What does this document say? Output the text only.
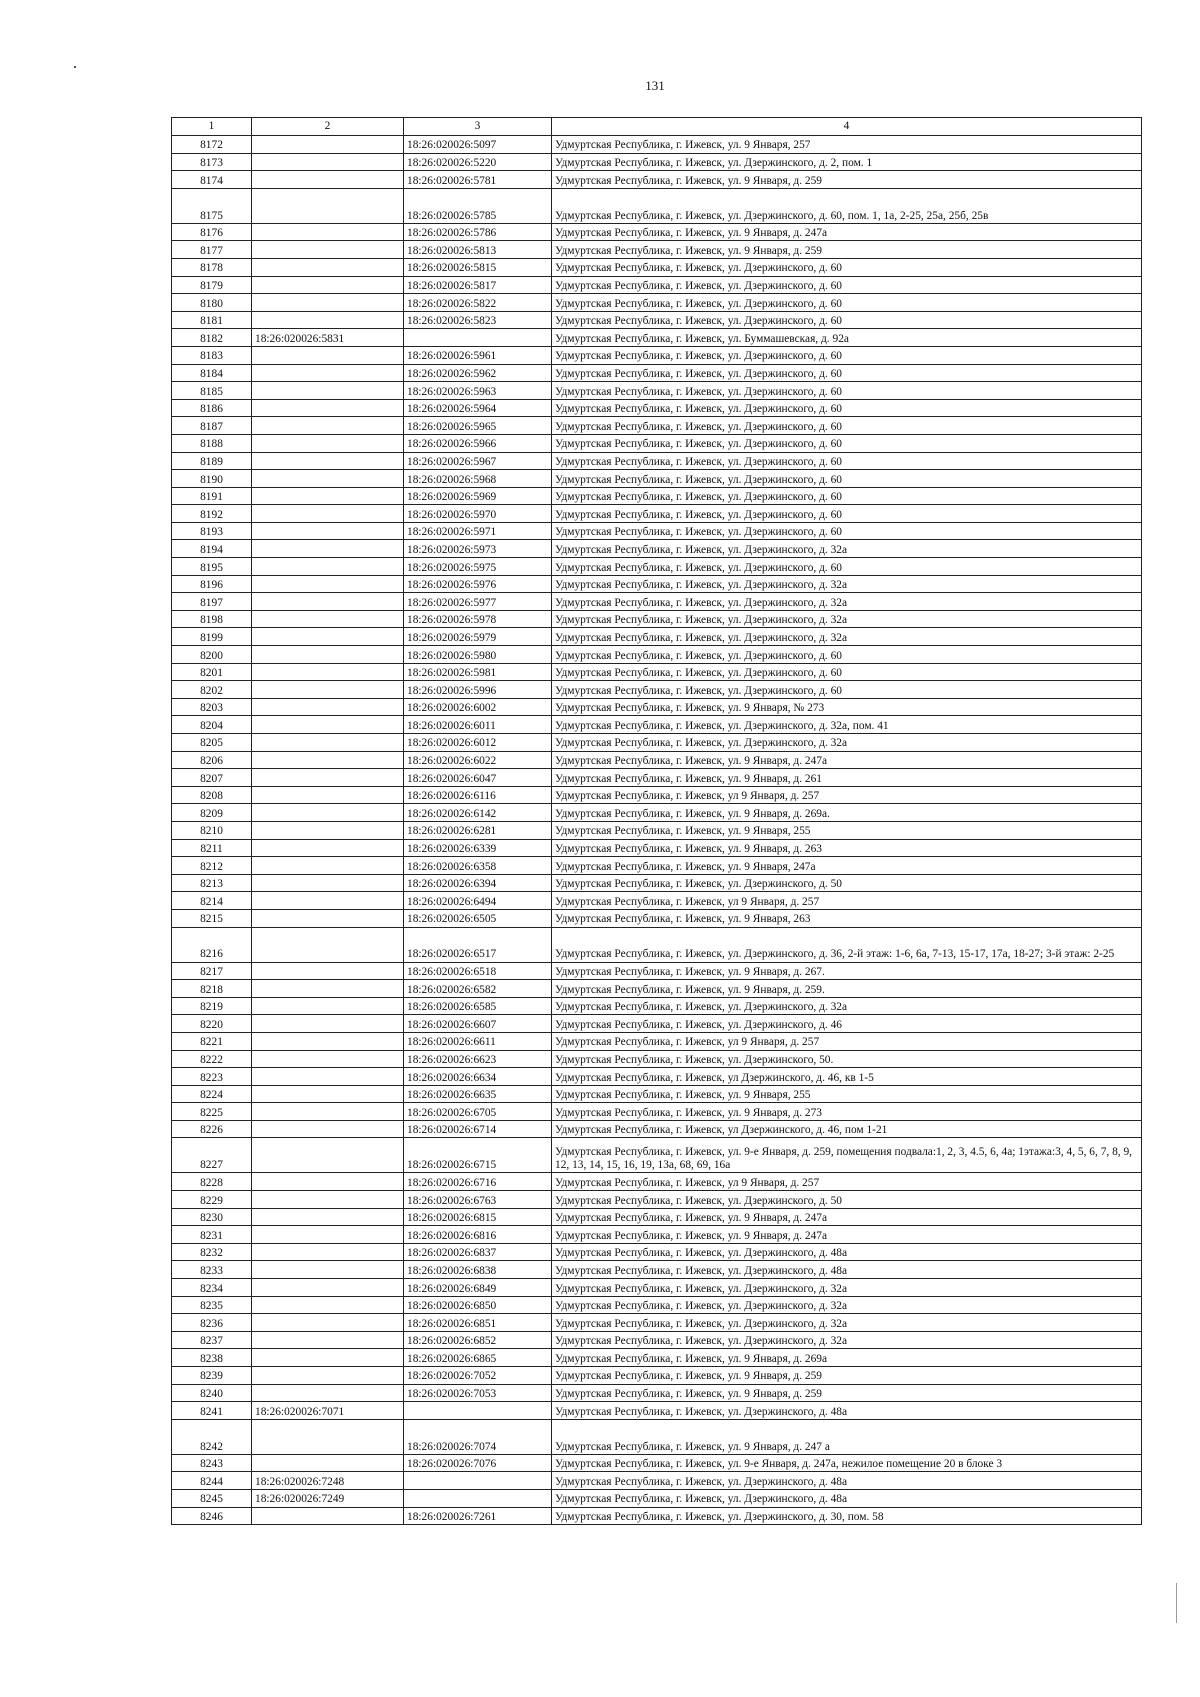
131
1	2	3	4
8172		18:26:020026:5097	Удмуртская Республика, г. Ижевск, ул. 9 Января, 257
8173		18:26:020026:5220	Удмуртская Республика, г. Ижевск, ул. Дзержинского, д. 2, пом. 1
8174		18:26:020026:5781	Удмуртская Республика, г. Ижевск, ул. 9 Января, д. 259
8175		18:26:020026:5785	Удмуртская Республика, г. Ижевск, ул. Дзержинского, д. 60, пом. 1, 1а, 2-25, 25а, 25б, 25в
8176		18:26:020026:5786	Удмуртская Республика, г. Ижевск, ул. 9 Января, д. 247а
8177		18:26:020026:5813	Удмуртская Республика, г. Ижевск, ул. 9 Января, д. 259
8178		18:26:020026:5815	Удмуртская Республика, г. Ижевск, ул. Дзержинского, д. 60
8179		18:26:020026:5817	Удмуртская Республика, г. Ижевск, ул. Дзержинского, д. 60
8180		18:26:020026:5822	Удмуртская Республика, г. Ижевск, ул. Дзержинского, д. 60
8181		18:26:020026:5823	Удмуртская Республика, г. Ижевск, ул. Дзержинского, д. 60
8182	18:26:020026:5831		Удмуртская Республика, г. Ижевск, ул. Буммашевская, д. 92а
8183		18:26:020026:5961	Удмуртская Республика, г. Ижевск, ул. Дзержинского, д. 60
8184		18:26:020026:5962	Удмуртская Республика, г. Ижевск, ул. Дзержинского, д. 60
8185		18:26:020026:5963	Удмуртская Республика, г. Ижевск, ул. Дзержинского, д. 60
8186		18:26:020026:5964	Удмуртская Республика, г. Ижевск, ул. Дзержинского, д. 60
8187		18:26:020026:5965	Удмуртская Республика, г. Ижевск, ул. Дзержинского, д. 60
8188		18:26:020026:5966	Удмуртская Республика, г. Ижевск, ул. Дзержинского, д. 60
8189		18:26:020026:5967	Удмуртская Республика, г. Ижевск, ул. Дзержинского, д. 60
8190		18:26:020026:5968	Удмуртская Республика, г. Ижевск, ул. Дзержинского, д. 60
8191		18:26:020026:5969	Удмуртская Республика, г. Ижевск, ул. Дзержинского, д. 60
8192		18:26:020026:5970	Удмуртская Республика, г. Ижевск, ул. Дзержинского, д. 60
8193		18:26:020026:5971	Удмуртская Республика, г. Ижевск, ул. Дзержинского, д. 60
8194		18:26:020026:5973	Удмуртская Республика, г. Ижевск, ул. Дзержинского, д. 32а
8195		18:26:020026:5975	Удмуртская Республика, г. Ижевск, ул. Дзержинского, д. 60
8196		18:26:020026:5976	Удмуртская Республика, г. Ижевск, ул. Дзержинского, д. 32а
8197		18:26:020026:5977	Удмуртская Республика, г. Ижевск, ул. Дзержинского, д. 32а
8198		18:26:020026:5978	Удмуртская Республика, г. Ижевск, ул. Дзержинского, д. 32а
8199		18:26:020026:5979	Удмуртская Республика, г. Ижевск, ул. Дзержинского, д. 32а
8200		18:26:020026:5980	Удмуртская Республика, г. Ижевск, ул. Дзержинского, д. 60
8201		18:26:020026:5981	Удмуртская Республика, г. Ижевск, ул. Дзержинского, д. 60
8202		18:26:020026:5996	Удмуртская Республика, г. Ижевск, ул. Дзержинского, д. 60
8203		18:26:020026:6002	Удмуртская Республика, г. Ижевск, ул. 9 Января, № 273
8204		18:26:020026:6011	Удмуртская Республика, г. Ижевск, ул. Дзержинского, д. 32а, пом. 41
8205		18:26:020026:6012	Удмуртская Республика, г. Ижевск, ул. Дзержинского, д. 32а
8206		18:26:020026:6022	Удмуртская Республика, г. Ижевск, ул. 9 Января, д. 247а
8207		18:26:020026:6047	Удмуртская Республика, г. Ижевск, ул. 9 Января, д. 261
8208		18:26:020026:6116	Удмуртская Республика, г. Ижевск, ул 9 Января, д. 257
8209		18:26:020026:6142	Удмуртская Республика, г. Ижевск, ул. 9 Января, д. 269а.
8210		18:26:020026:6281	Удмуртская Республика, г. Ижевск, ул. 9 Января, 255
8211		18:26:020026:6339	Удмуртская Республика, г. Ижевск, ул. 9 Января, д. 263
8212		18:26:020026:6358	Удмуртская Республика, г. Ижевск, ул. 9 Января, 247а
8213		18:26:020026:6394	Удмуртская Республика, г. Ижевск, ул. Дзержинского, д. 50
8214		18:26:020026:6494	Удмуртская Республика, г. Ижевск, ул 9 Января, д. 257
8215		18:26:020026:6505	Удмуртская Республика, г. Ижевск, ул. 9 Января, 263
8216		18:26:020026:6517	Удмуртская Республика, г. Ижевск, ул. Дзержинского, д. 36, 2-й этаж: 1-6, 6а, 7-13, 15-17, 17а, 18-27; 3-й этаж: 2-25
8217		18:26:020026:6518	Удмуртская Республика, г. Ижевск, ул. 9 Января, д. 267.
8218		18:26:020026:6582	Удмуртская Республика, г. Ижевск, ул. 9 Января, д. 259.
8219		18:26:020026:6585	Удмуртская Республика, г. Ижевск, ул. Дзержинского, д. 32а
8220		18:26:020026:6607	Удмуртская Республика, г. Ижевск, ул. Дзержинского, д. 46
8221		18:26:020026:6611	Удмуртская Республика, г. Ижевск, ул 9 Января, д. 257
8222		18:26:020026:6623	Удмуртская Республика, г. Ижевск, ул. Дзержинского, 50.
8223		18:26:020026:6634	Удмуртская Республика, г. Ижевск, ул Дзержинского, д. 46, кв 1-5
8224		18:26:020026:6635	Удмуртская Республика, г. Ижевск, ул. 9 Января, 255
8225		18:26:020026:6705	Удмуртская Республика, г. Ижевск, ул. 9 Января, д. 273
8226		18:26:020026:6714	Удмуртская Республика, г. Ижевск, ул Дзержинского, д. 46, пом 1-21
8227		18:26:020026:6715	Удмуртская Республика, г. Ижевск, ул. 9-е Января, д. 259, помещения подвала:1, 2, 3, 4.5, 6, 4а; 1этажа:3, 4, 5, 6, 7, 8, 9, 12, 13, 14, 15, 16, 19, 13а, 68, 69, 16а
8228		18:26:020026:6716	Удмуртская Республика, г. Ижевск, ул 9 Января, д. 257
8229		18:26:020026:6763	Удмуртская Республика, г. Ижевск, ул. Дзержинского, д. 50
8230		18:26:020026:6815	Удмуртская Республика, г. Ижевск, ул. 9 Января, д. 247а
8231		18:26:020026:6816	Удмуртская Республика, г. Ижевск, ул. 9 Января, д. 247а
8232		18:26:020026:6837	Удмуртская Республика, г. Ижевск, ул. Дзержинского, д. 48а
8233		18:26:020026:6838	Удмуртская Республика, г. Ижевск, ул. Дзержинского, д. 48а
8234		18:26:020026:6849	Удмуртская Республика, г. Ижевск, ул. Дзержинского, д. 32а
8235		18:26:020026:6850	Удмуртская Республика, г. Ижевск, ул. Дзержинского, д. 32а
8236		18:26:020026:6851	Удмуртская Республика, г. Ижевск, ул. Дзержинского, д. 32а
8237		18:26:020026:6852	Удмуртская Республика, г. Ижевск, ул. Дзержинского, д. 32а
8238		18:26:020026:6865	Удмуртская Республика, г. Ижевск, ул. 9 Января, д. 269а
8239		18:26:020026:7052	Удмуртская Республика, г. Ижевск, ул. 9 Января, д. 259
8240		18:26:020026:7053	Удмуртская Республика, г. Ижевск, ул. 9 Января, д. 259
8241	18:26:020026:7071		Удмуртская Республика, г. Ижевск, ул. Дзержинского, д. 48а
8242		18:26:020026:7074	Удмуртская Республика, г. Ижевск, ул. 9 Января, д. 247 а
8243		18:26:020026:7076	Удмуртская Республика, г. Ижевск, ул. 9-е Января, д. 247а, нежилое помещение 20 в блоке 3
8244	18:26:020026:7248		Удмуртская Республика, г. Ижевск, ул. Дзержинского, д. 48а
8245	18:26:020026:7249		Удмуртская Республика, г. Ижевск, ул. Дзержинского, д. 48а
8246		18:26:020026:7261	Удмуртская Республика, г. Ижевск, ул. Дзержинского, д. 30, пом. 58
